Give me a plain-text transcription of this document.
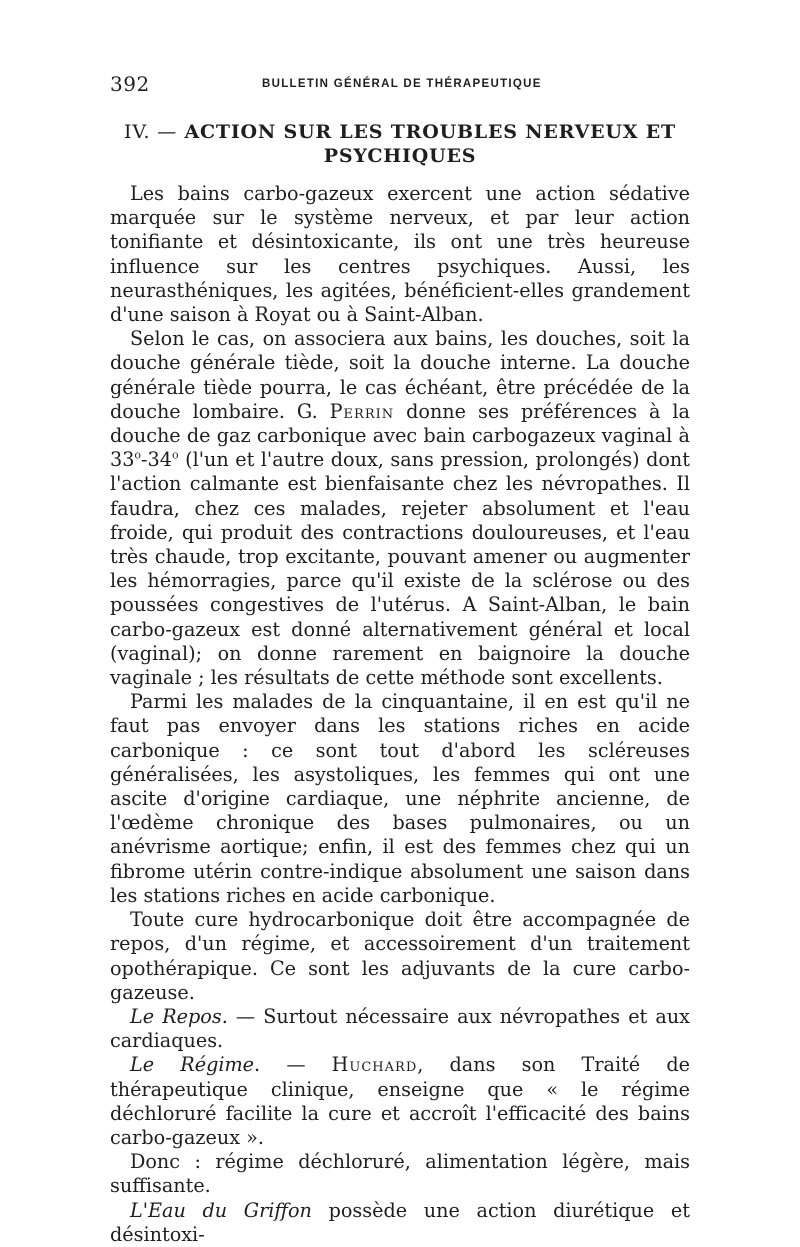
392	BULLETIN GÉNÉRAL DE THÉRAPEUTIQUE
IV. — ACTION SUR LES TROUBLES NERVEUX ET PSYCHIQUES

Les bains carbo-gazeux exercent une action sédative marquée sur le système nerveux, et par leur action tonifiante et désintoxicante, ils ont une très heureuse influence sur les centres psychiques. Aussi, les neurasthéniques, les agitées, bénéficient-elles grandement d'une saison à Royat ou à Saint-Alban.

Selon le cas, on associera aux bains, les douches, soit la douche générale tiède, soit la douche interne. La douche générale tiède pourra, le cas échéant, être précédée de la douche lombaire. G. Perrin donne ses préférences à la douche de gaz carbonique avec bain carbogazeux vaginal à 33$^o$-34$^o$ (l'un et l'autre doux, sans pression, prolongés) dont l'action calmante est bienfaisante chez les névropathes. Il faudra, chez ces malades, rejeter absolument et l'eau froide, qui produit des contractions douloureuses, et l'eau très chaude, trop excitante, pouvant amener ou augmenter les hémorragies, parce qu'il existe de la sclérose ou des poussées congestives de l'utérus. A Saint-Alban, le bain carbo-gazeux est donné alternativement général et local (vaginal); on donne rarement en baignoire la douche vaginale ; les résultats de cette méthode sont excellents.

Parmi les malades de la cinquantaine, il en est qu'il ne faut pas envoyer dans les stations riches en acide carbonique : ce sont tout d'abord les scléreuses généralisées, les asystoliques, les femmes qui ont une ascite d'origine cardiaque, une néphrite ancienne, de l'œdème chronique des bases pulmonaires, ou un anévrisme aortique; enfin, il est des femmes chez qui un fibrome utérin contre-indique absolument une saison dans les stations riches en acide carbonique.

Toute cure hydrocarbonique doit être accompagnée de repos, d'un régime, et accessoirement d'un traitement opothérapique. Ce sont les adjuvants de la cure carbo-gazeuse.

Le Repos. — Surtout nécessaire aux névropathes et aux cardiaques.

Le Régime. — Huchard, dans son Traité de thérapeutique clinique, enseigne que « le régime déchloruré facilite la cure et accroît l'efficacité des bains carbo-gazeux ».

Donc : régime déchloruré, alimentation légère, mais suffisante.

L'Eau du Griffon possède une action diurétique et désintoxi-
